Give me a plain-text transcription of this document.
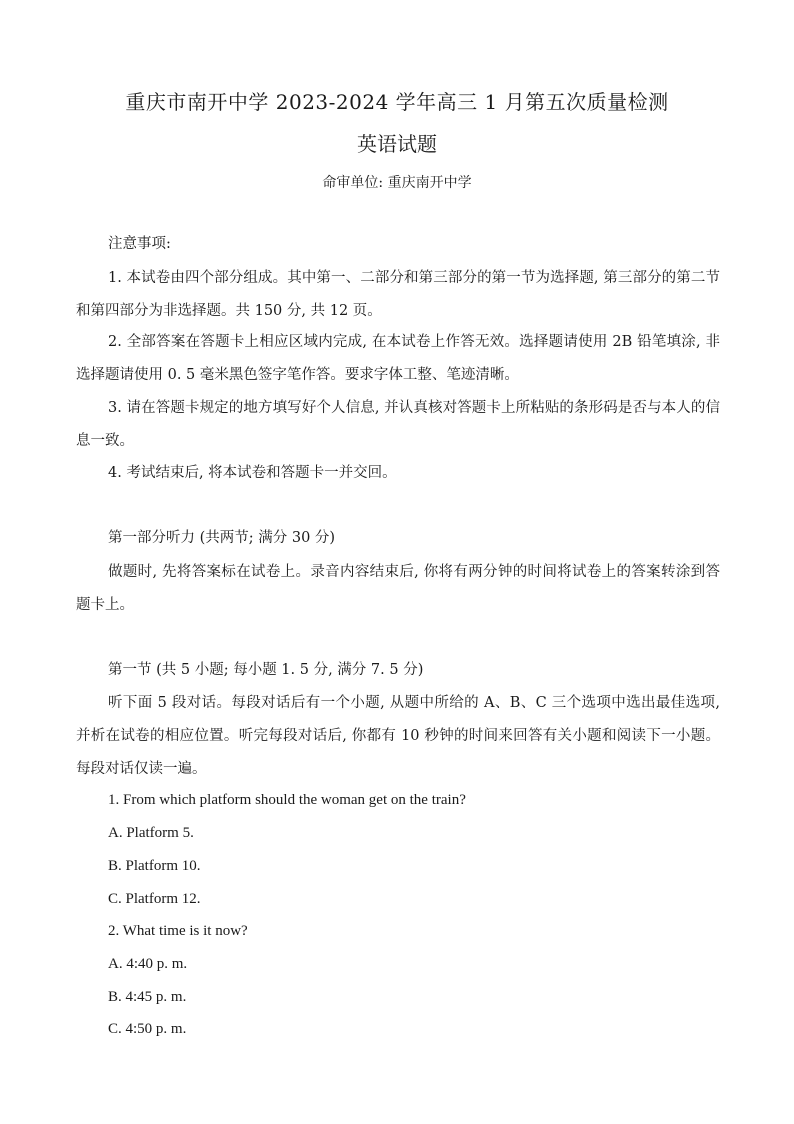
重庆市南开中学 2023-2024 学年高三 1 月第五次质量检测
英语试题
命审单位: 重庆南开中学
注意事项:
1. 本试卷由四个部分组成。其中第一、二部分和第三部分的第一节为选择题, 第三部分的第二节和第四部分为非选择题。共 150 分, 共 12 页。
2. 全部答案在答题卡上相应区域内完成, 在本试卷上作答无效。选择题请使用 2B 铅笔填涂, 非选择题请使用 0. 5 毫米黑色签字笔作答。要求字体工整、笔迹清晰。
3. 请在答题卡规定的地方填写好个人信息, 并认真核对答题卡上所粘贴的条形码是否与本人的信息一致。
4. 考试结束后, 将本试卷和答题卡一并交回。
第一部分听力 (共两节; 满分 30 分)
做题时, 先将答案标在试卷上。录音内容结束后, 你将有两分钟的时间将试卷上的答案转涂到答题卡上。
第一节 (共 5 小题; 每小题 1. 5 分, 满分 7. 5 分)
听下面 5 段对话。每段对话后有一个小题, 从题中所给的 A、B、C 三个选项中选出最佳选项, 并析在试卷的相应位置。听完每段对话后, 你都有 10 秒钟的时间来回答有关小题和阅读下一小题。每段对话仅读一遍。
1. From which platform should the woman get on the train?
A. Platform 5.
B. Platform 10.
C. Platform 12.
2. What time is it now?
A. 4:40 p. m.
B. 4:45 p. m.
C. 4:50 p. m.
